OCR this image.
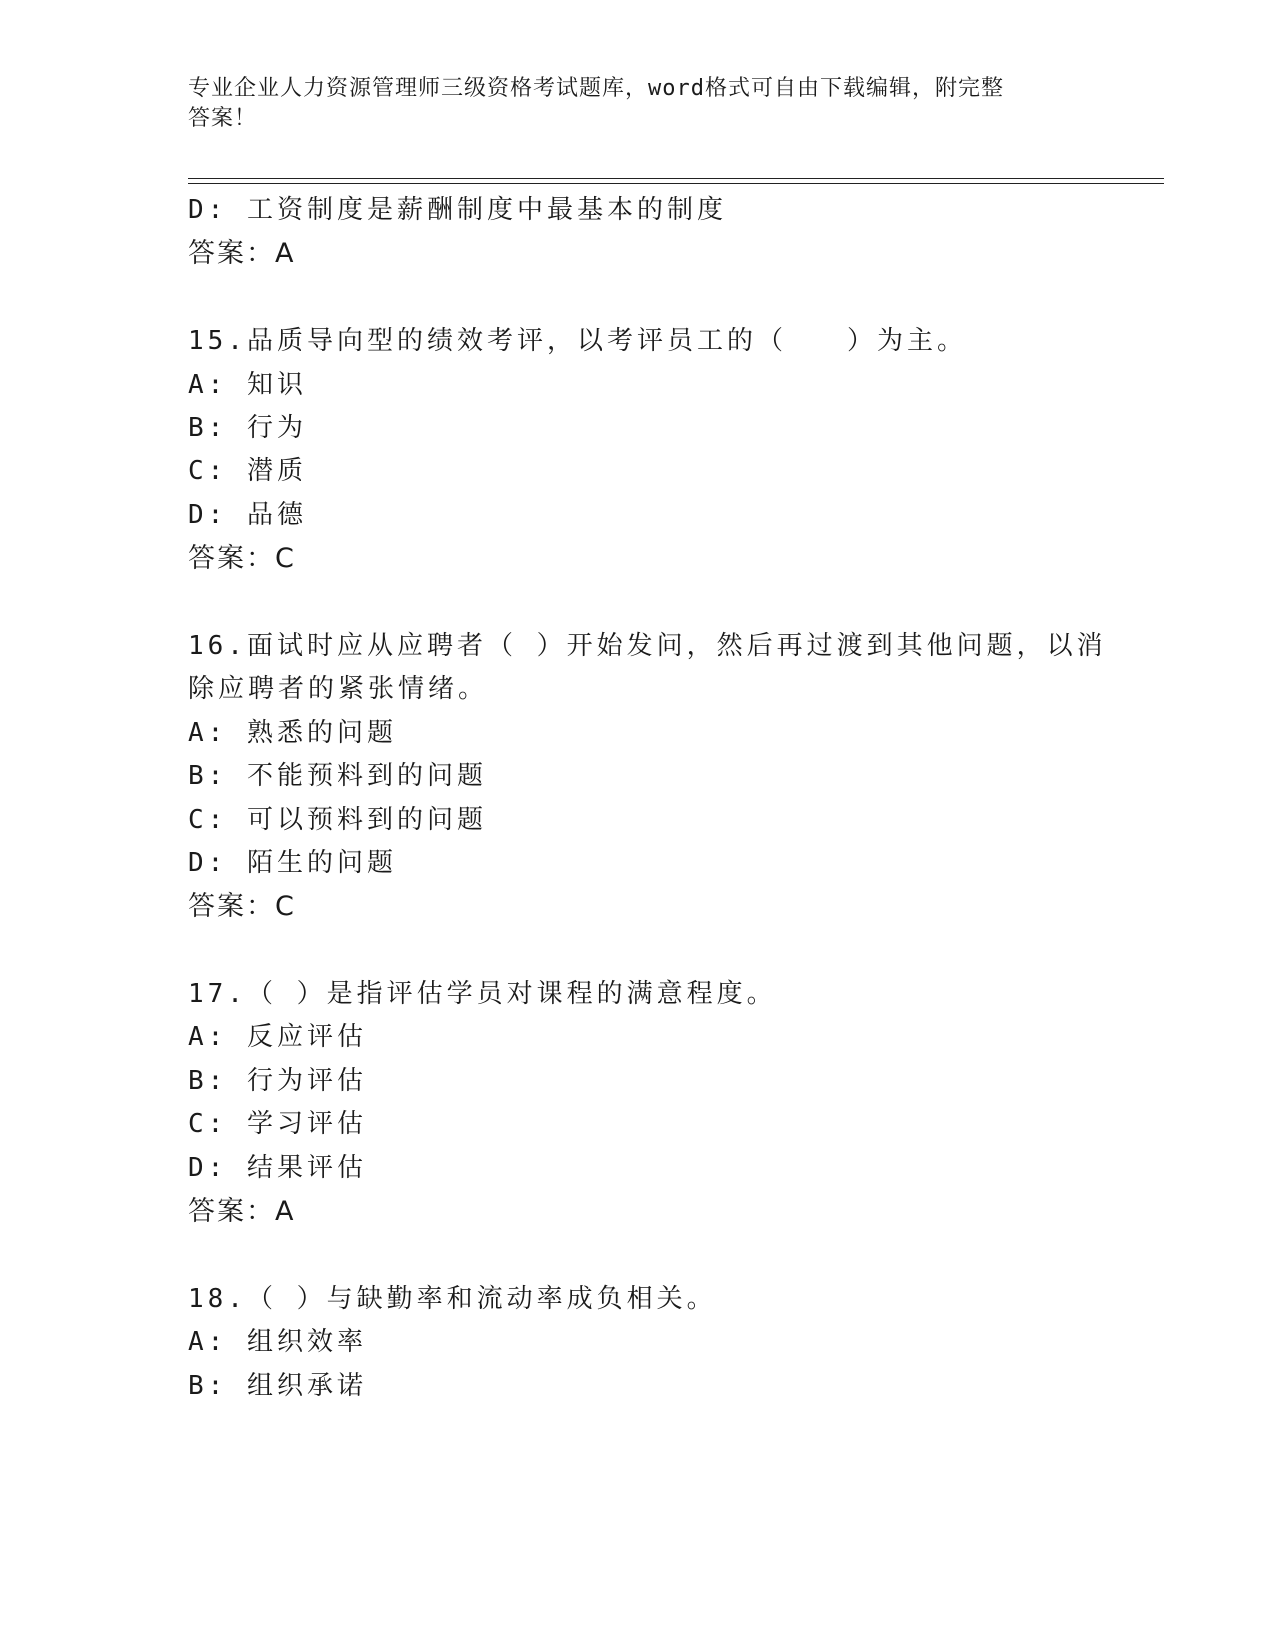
专业企业人力资源管理师三级资格考试题库，word格式可自由下载编辑，附完整
答案！
D: 工资制度是薪酬制度中最基本的制度
答案：A
15.品质导向型的绩效考评，以考评员工的（　　）为主。
A: 知识
B: 行为
C: 潜质
D: 品德
答案：C
16.面试时应从应聘者（ ）开始发问，然后再过渡到其他问题，以消
除应聘者的紧张情绪。
A: 熟悉的问题
B: 不能预料到的问题
C: 可以预料到的问题
D: 陌生的问题
答案：C
17.（ ）是指评估学员对课程的满意程度。
A: 反应评估
B: 行为评估
C: 学习评估
D: 结果评估
答案：A
18.（ ）与缺勤率和流动率成负相关。
A: 组织效率
B: 组织承诺
